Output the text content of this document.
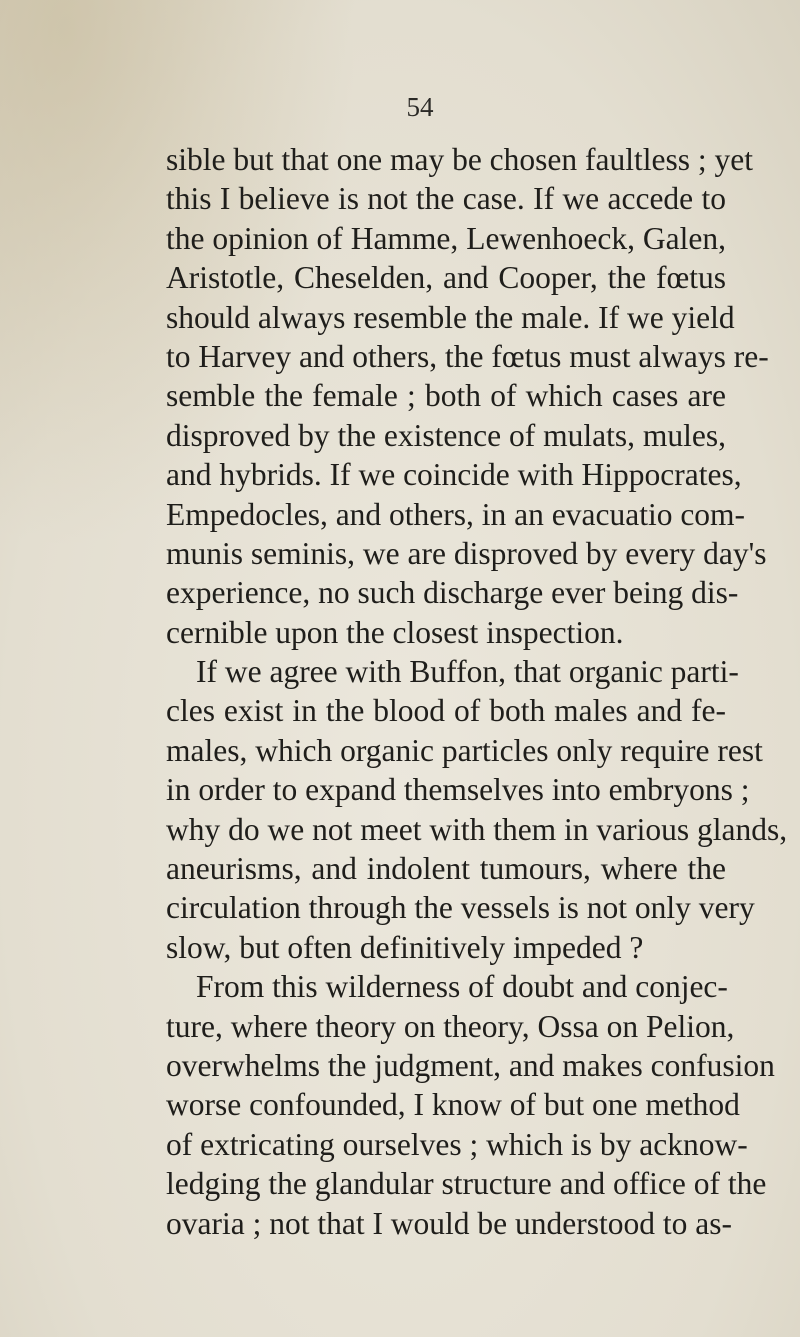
54
sible but that one may be chosen faultless ; yet
this I believe is not the case. If we accede to
the opinion of Hamme, Lewenhoeck, Galen,
Aristotle, Cheselden, and Cooper, the fœtus
should always resemble the male. If we yield
to Harvey and others, the fœtus must always re-
semble the female ; both of which cases are
disproved by the existence of mulats, mules,
and hybrids. If we coincide with Hippocrates,
Empedocles, and others, in an evacuatio com-
munis seminis, we are disproved by every day's
experience, no such discharge ever being dis-
cernible upon the closest inspection.
If we agree with Buffon, that organic parti-
cles exist in the blood of both males and fe-
males, which organic particles only require rest
in order to expand themselves into embryons ;
why do we not meet with them in various glands,
aneurisms, and indolent tumours, where the
circulation through the vessels is not only very
slow, but often definitively impeded ?
From this wilderness of doubt and conjec-
ture, where theory on theory, Ossa on Pelion,
overwhelms the judgment, and makes confusion
worse confounded, I know of but one method
of extricating ourselves ; which is by acknow-
ledging the glandular structure and office of the
ovaria ; not that I would be understood to as-
